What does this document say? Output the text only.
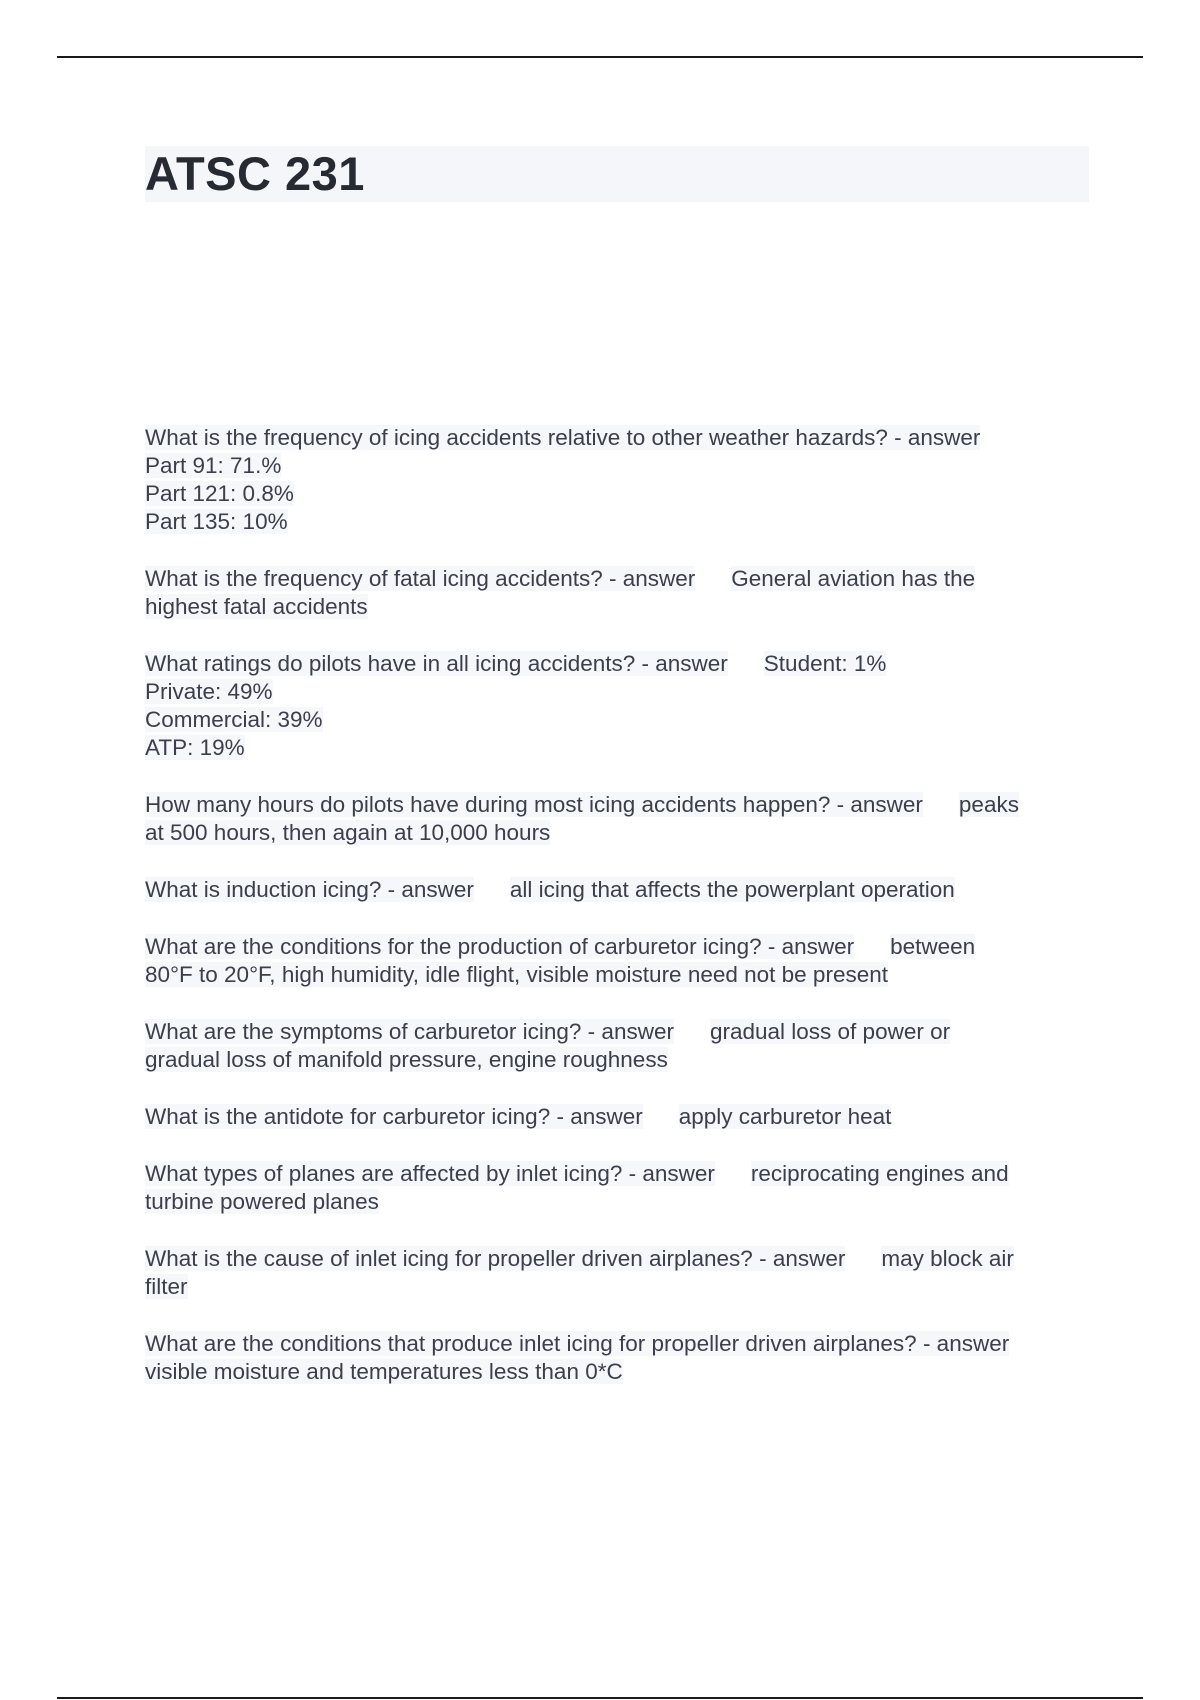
ATSC 231

What is the frequency of icing accidents relative to other weather hazards? - answer
Part 91: 71.%
Part 121: 0.8%
Part 135: 10%

What is the frequency of fatal icing accidents? - answer General aviation has the
highest fatal accidents

What ratings do pilots have in all icing accidents? - answer Student: 1%
Private: 49%
Commercial: 39%
ATP: 19%

How many hours do pilots have during most icing accidents happen? - answer peaks
at 500 hours, then again at 10,000 hours

What is induction icing? - answer all icing that affects the powerplant operation

What are the conditions for the production of carburetor icing? - answer between
80°F to 20°F, high humidity, idle flight, visible moisture need not be present

What are the symptoms of carburetor icing? - answer gradual loss of power or
gradual loss of manifold pressure, engine roughness

What is the antidote for carburetor icing? - answer apply carburetor heat

What types of planes are affected by inlet icing? - answer reciprocating engines and
turbine powered planes

What is the cause of inlet icing for propeller driven airplanes? - answer may block air
filter

What are the conditions that produce inlet icing for propeller driven airplanes? - answer
visible moisture and temperatures less than 0*C
